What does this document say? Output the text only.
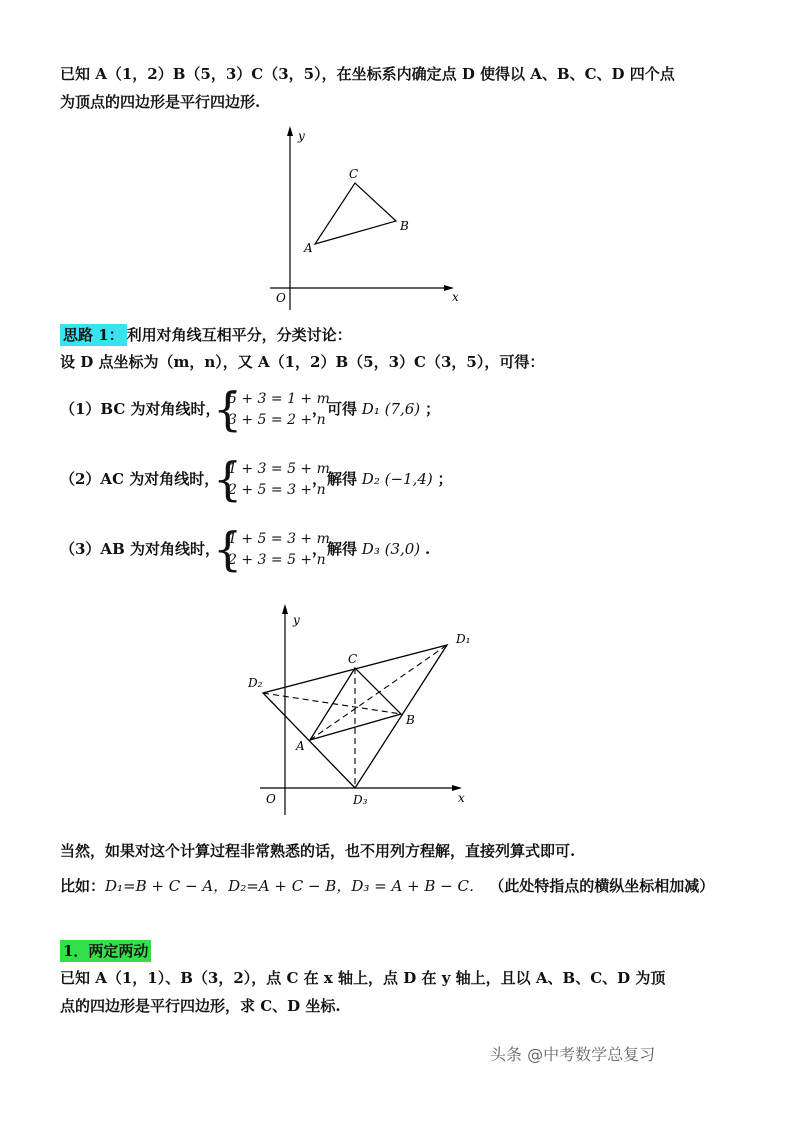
已知 A（1，2）B（5，3）C（3，5），在坐标系内确定点 D 使得以 A、B、C、D 四个点
为顶点的四边形是平行四边形.
y
x
O
A
B
C
思路 1： 利用对角线互相平分，分类讨论：
设 D 点坐标为（m，n），又 A（1，2）B（5，3）C（3，5），可得：
（1）BC 为对角线时，
{
5 + 3 = 1 + m
3 + 5 = 2 + n
，可得 D₁ (7,6) ；
（2）AC 为对角线时，
{
1 + 3 = 5 + m
2 + 5 = 3 + n
，解得 D₂ (−1,4) ；
（3）AB 为对角线时，
{
1 + 5 = 3 + m
2 + 3 = 5 + n
，解得 D₃ (3,0) .
D₁
D₂
D₃
C
B
A
y
x
O
当然，如果对这个计算过程非常熟悉的话，也不用列方程解，直接列算式即可.
比如：D₁=B + C − A，D₂=A + C − B，D₃ = A + B − C． （此处特指点的横纵坐标相加减）
1．两定两动
已知 A（1，1）、B（3，2），点 C 在 x 轴上，点 D 在 y 轴上，且以 A、B、C、D 为顶
点的四边形是平行四边形，求 C、D 坐标.
头条 @中考数学总复习
